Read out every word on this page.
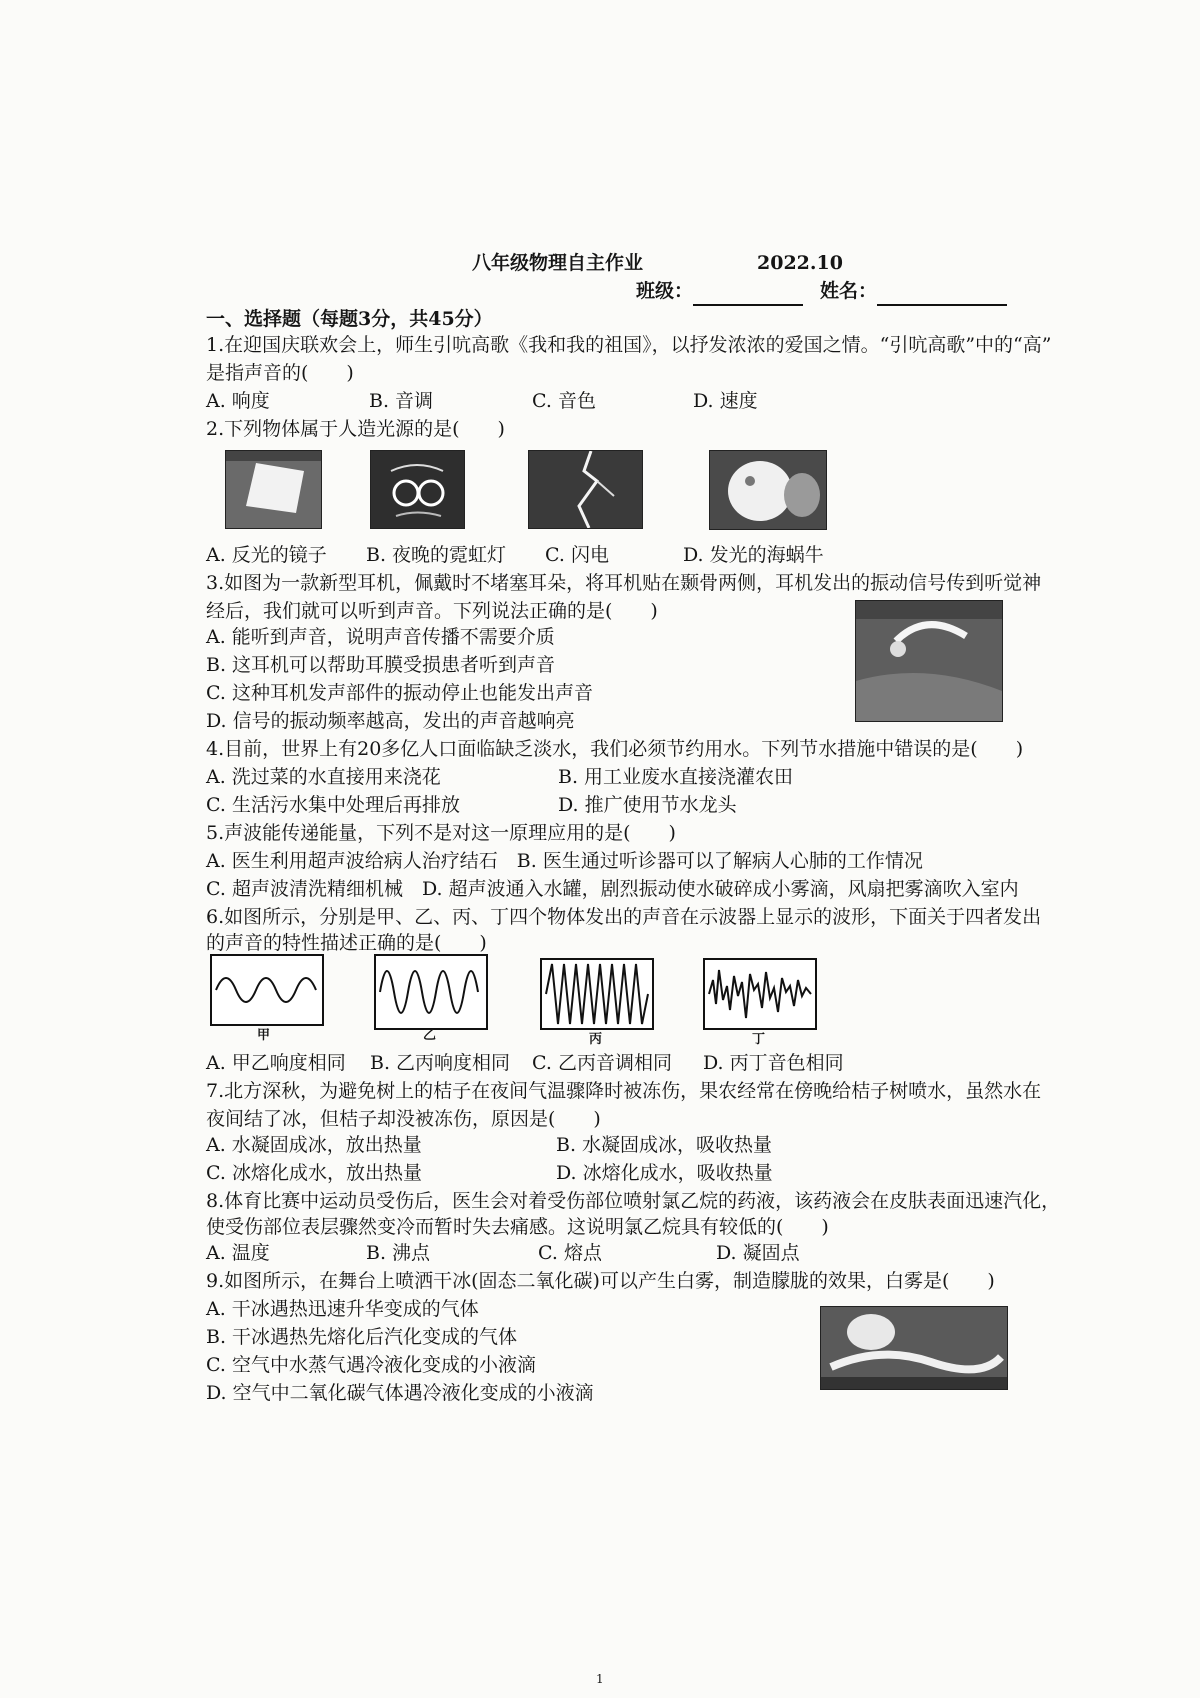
八年级物理自主作业	2022.10
班级：	姓名：
一、选择题（每题3分，共45分）
1.在迎国庆联欢会上，师生引吭高歌《我和我的祖国》，以抒发浓浓的爱国之情。“引吭高歌”中的“高”
是指声音的(　　)
A. 响度	B. 音调	C. 音色	D. 速度
2.下列物体属于人造光源的是(　　)
A. 反光的镜子 B. 夜晚的霓虹灯 C. 闪电	D. 发光的海蜗牛
3.如图为一款新型耳机，佩戴时不堵塞耳朵，将耳机贴在颞骨两侧，耳机发出的振动信号传到听觉神
经后，我们就可以听到声音。下列说法正确的是(　　)
A. 能听到声音，说明声音传播不需要介质
B. 这耳机可以帮助耳膜受损患者听到声音
C. 这种耳机发声部件的振动停止也能发出声音
D. 信号的振动频率越高，发出的声音越响亮
4.目前，世界上有20多亿人口面临缺乏淡水，我们必须节约用水。下列节水措施中错误的是(　　)
A. 洗过菜的水直接用来浇花	B. 用工业废水直接浇灌农田
C. 生活污水集中处理后再排放	D. 推广使用节水龙头
5.声波能传递能量，下列不是对这一原理应用的是(　　)
A. 医生利用超声波给病人治疗结石　B. 医生通过听诊器可以了解病人心肺的工作情况
C. 超声波清洗精细机械　D. 超声波通入水罐，剧烈振动使水破碎成小雾滴，风扇把雾滴吹入室内
6.如图所示，分别是甲、乙、丙、丁四个物体发出的声音在示波器上显示的波形，下面关于四者发出
的声音的特性描述正确的是(　　)
甲	乙	丙	丁
A. 甲乙响度相同 B. 乙丙响度相同 C. 乙丙音调相同 D. 丙丁音色相同
7.北方深秋，为避免树上的桔子在夜间气温骤降时被冻伤，果农经常在傍晚给桔子树喷水，虽然水在
夜间结了冰，但桔子却没被冻伤，原因是(　　)
A. 水凝固成冰，放出热量	B. 水凝固成冰，吸收热量
C. 冰熔化成水，放出热量	D. 冰熔化成水，吸收热量
8.体育比赛中运动员受伤后，医生会对着受伤部位喷射氯乙烷的药液，该药液会在皮肤表面迅速汽化，
使受伤部位表层骤然变冷而暂时失去痛感。这说明氯乙烷具有较低的(　　)
A. 温度	B. 沸点	C. 熔点	D. 凝固点
9.如图所示，在舞台上喷洒干冰(固态二氧化碳)可以产生白雾，制造朦胧的效果，白雾是(　　)
A. 干冰遇热迅速升华变成的气体
B. 干冰遇热先熔化后汽化变成的气体
C. 空气中水蒸气遇冷液化变成的小液滴
D. 空气中二氧化碳气体遇冷液化变成的小液滴
1
